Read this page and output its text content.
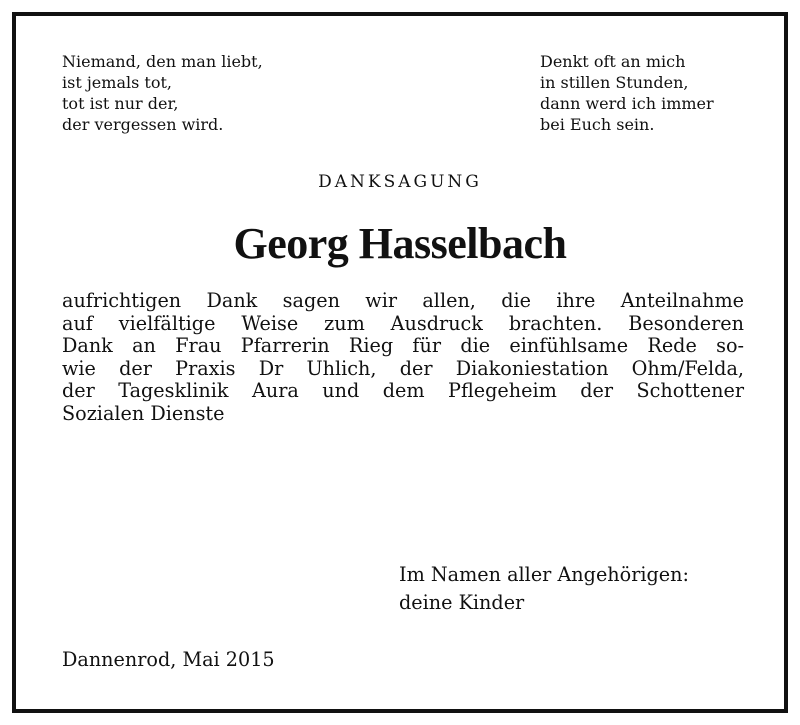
Niemand, den man liebt,
ist jemals tot,
tot ist nur der,
der vergessen wird.

Denkt oft an mich
in stillen Stunden,
dann werd ich immer
bei Euch sein.

DANKSAGUNG
Georg Hasselbach

aufrichtigen Dank sagen wir allen, die ihre Anteilnahme
auf vielfältige Weise zum Ausdruck brachten. Besonderen
Dank an Frau Pfarrerin Rieg für die einfühlsame Rede so-
wie der Praxis Dr Uhlich, der Diakoniestation Ohm/Felda,
der Tagesklinik Aura und dem Pflegeheim der Schottener
Sozialen Dienste

Im Namen aller Angehörigen:
deine Kinder

Dannenrod, Mai 2015
